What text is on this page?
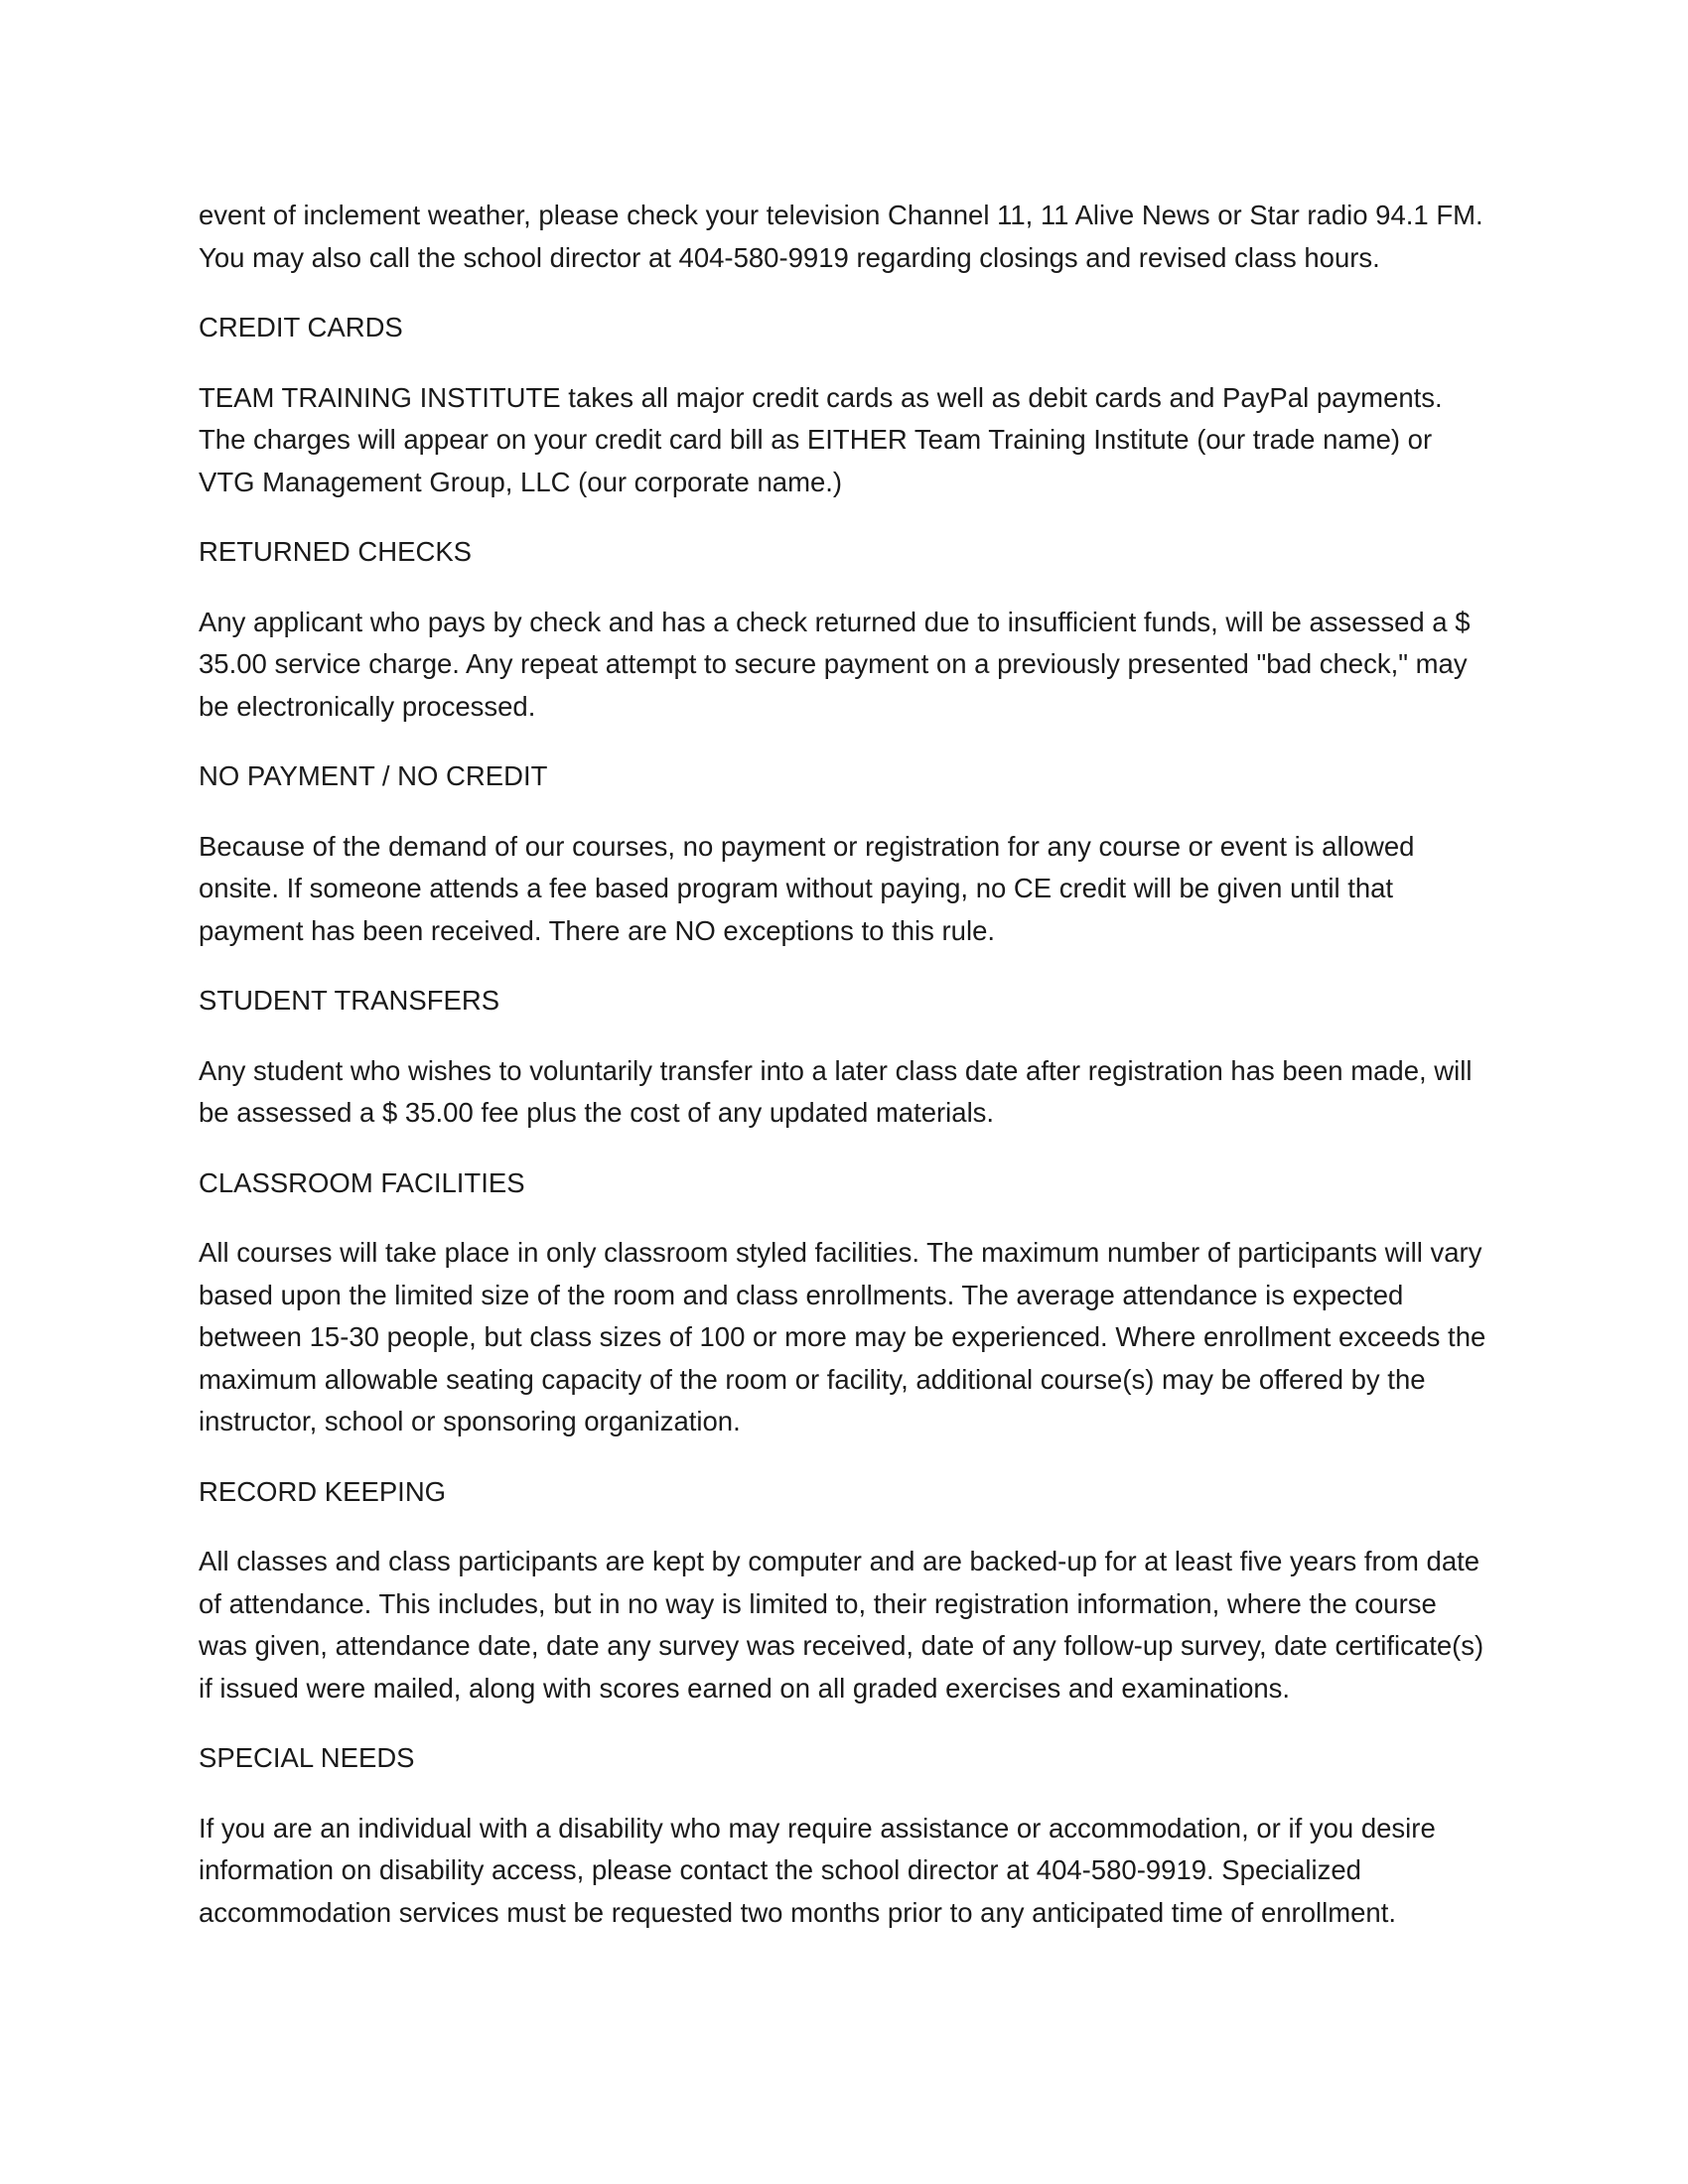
event of inclement weather, please check your television Channel 11, 11 Alive News or Star radio 94.1 FM. You may also call the school director at 404-580-9919 regarding closings and revised class hours.

CREDIT CARDS

TEAM TRAINING INSTITUTE takes all major credit cards as well as debit cards and PayPal payments. The charges will appear on your credit card bill as EITHER Team Training Institute (our trade name) or VTG Management Group, LLC (our corporate name.)

RETURNED CHECKS

Any applicant who pays by check and has a check returned due to insufficient funds, will be assessed a $ 35.00 service charge. Any repeat attempt to secure payment on a previously presented "bad check," may be electronically processed.

NO PAYMENT / NO CREDIT

Because of the demand of our courses, no payment or registration for any course or event is allowed onsite. If someone attends a fee based program without paying, no CE credit will be given until that payment has been received. There are NO exceptions to this rule.

STUDENT TRANSFERS

Any student who wishes to voluntarily transfer into a later class date after registration has been made, will be assessed a $ 35.00 fee plus the cost of any updated materials.

CLASSROOM FACILITIES

All courses will take place in only classroom styled facilities. The maximum number of participants will vary based upon the limited size of the room and class enrollments. The average attendance is expected between 15-30 people, but class sizes of 100 or more may be experienced. Where enrollment exceeds the maximum allowable seating capacity of the room or facility, additional course(s) may be offered by the instructor, school or sponsoring organization.

RECORD KEEPING

All classes and class participants are kept by computer and are backed-up for at least five years from date of attendance. This includes, but in no way is limited to, their registration information, where the course was given, attendance date, date any survey was received, date of any follow-up survey, date certificate(s) if issued were mailed, along with scores earned on all graded exercises and examinations.

SPECIAL NEEDS

If you are an individual with a disability who may require assistance or accommodation, or if you desire information on disability access, please contact the school director at 404-580-9919. Specialized accommodation services must be requested two months prior to any anticipated time of enrollment.
